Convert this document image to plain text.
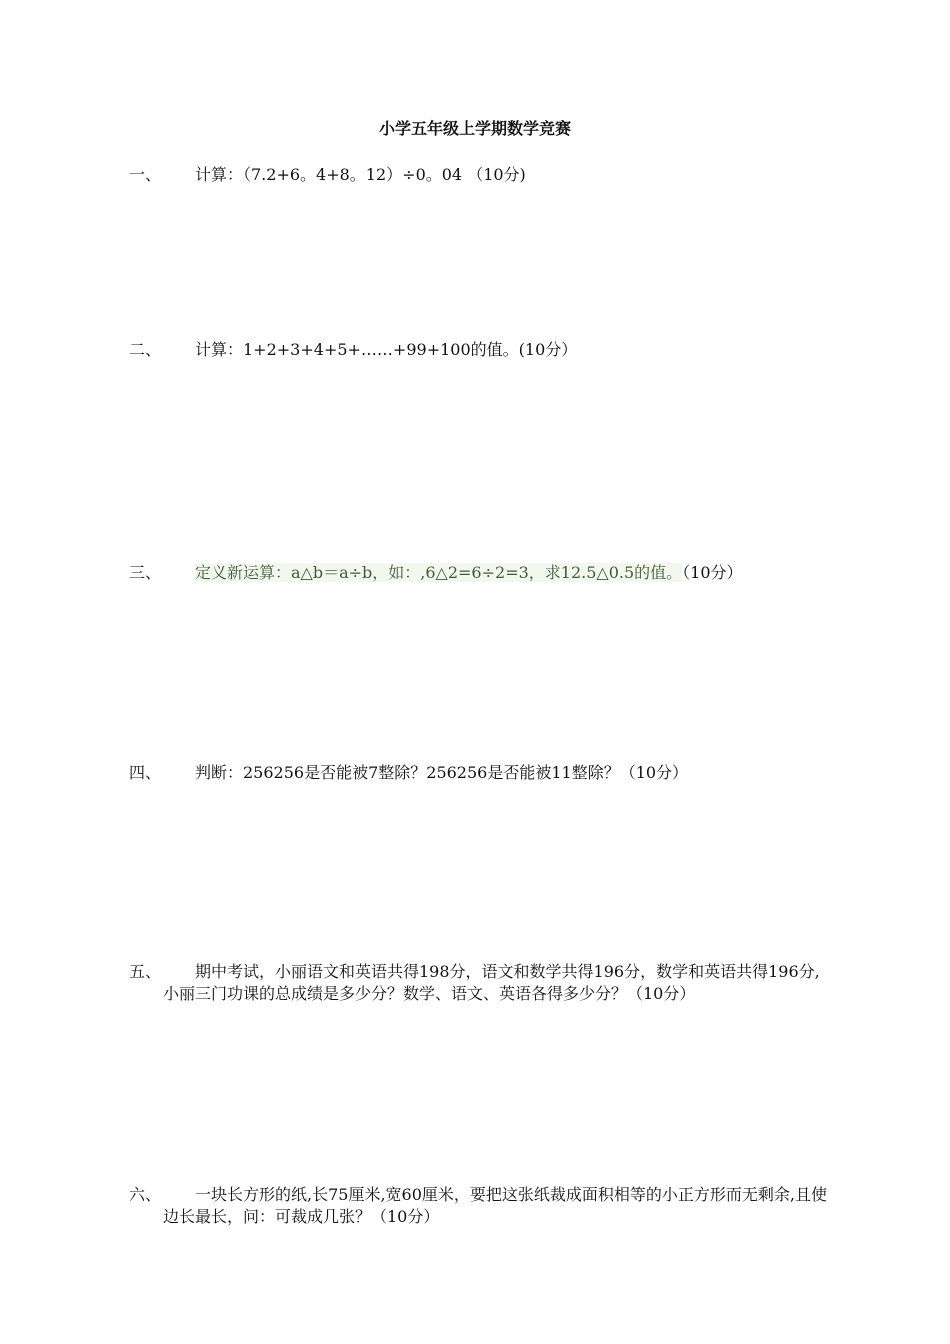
小学五年级上学期数学竞赛
一、 计算：（7.2+6。4+8。12）÷0。04 （10分)
二、 计算：1+2+3+4+5+……+99+100的值。(10分）
三、 定义新运算：a△b＝a÷b，如：,6△2=6÷2=3，求12.5△0.5的值。（10分）
四、 判断：256256是否能被7整除？256256是否能被11整除？（10分）
五、	期中考试，小丽语文和英语共得198分，语文和数学共得196分，数学和英语共得196分,小丽三门功课的总成绩是多少分？数学、语文、英语各得多少分？（10分）
六、	一块长方形的纸,长75厘米,宽60厘米，要把这张纸裁成面积相等的小正方形而无剩余,且使边长最长，问：可裁成几张？（10分）
